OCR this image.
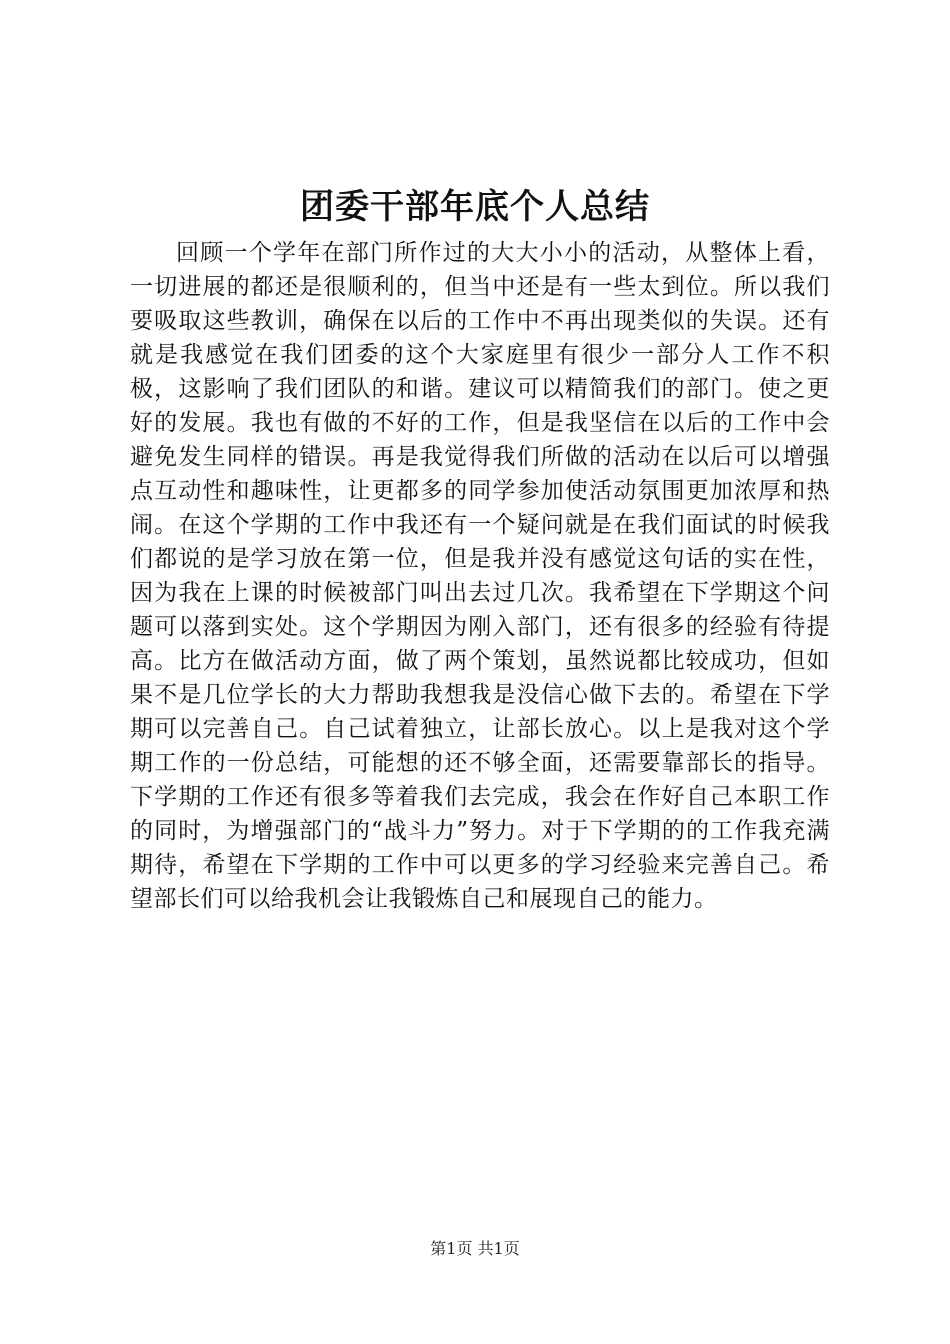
团委干部年底个人总结

回顾一个学年在部门所作过的大大小小的活动，从整体上看，一切进展的都还是很顺利的，但当中还是有一些太到位。所以我们要吸取这些教训，确保在以后的工作中不再出现类似的失误。还有就是我感觉在我们团委的这个大家庭里有很少一部分人工作不积极，这影响了我们团队的和谐。建议可以精简我们的部门。使之更好的发展。我也有做的不好的工作，但是我坚信在以后的工作中会避免发生同样的错误。再是我觉得我们所做的活动在以后可以增强点互动性和趣味性，让更都多的同学参加使活动氛围更加浓厚和热闹。在这个学期的工作中我还有一个疑问就是在我们面试的时候我们都说的是学习放在第一位，但是我并没有感觉这句话的实在性，因为我在上课的时候被部门叫出去过几次。我希望在下学期这个问题可以落到实处。这个学期因为刚入部门，还有很多的经验有待提高。比方在做活动方面，做了两个策划，虽然说都比较成功，但如果不是几位学长的大力帮助我想我是没信心做下去的。希望在下学期可以完善自己。自己试着独立，让部长放心。以上是我对这个学期工作的一份总结，可能想的还不够全面，还需要靠部长的指导。下学期的工作还有很多等着我们去完成，我会在作好自己本职工作的同时，为增强部门的“战斗力”努力。对于下学期的的工作我充满期待，希望在下学期的工作中可以更多的学习经验来完善自己。希望部长们可以给我机会让我锻炼自己和展现自己的能力。

第1页 共1页
